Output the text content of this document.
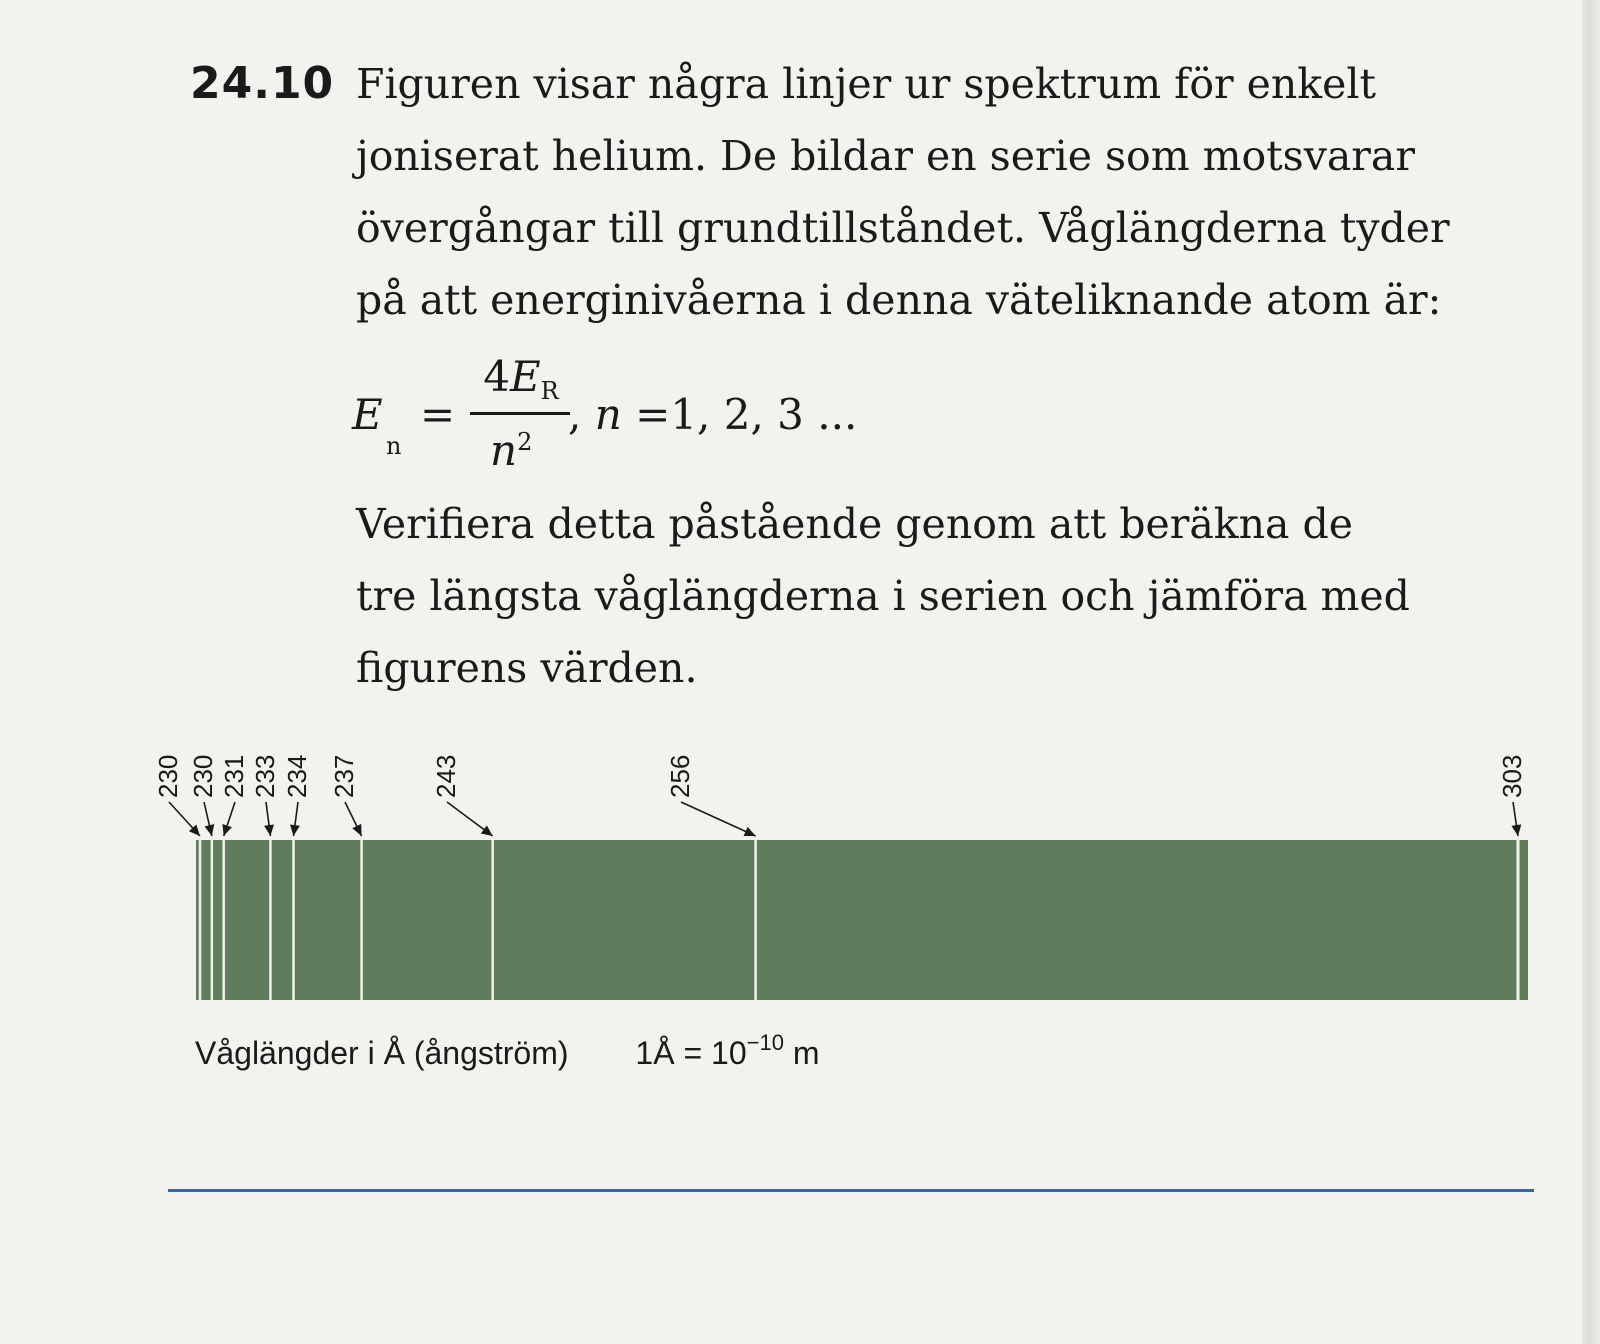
24.10 Figuren visar några linjer ur spektrum för enkelt
joniserat helium. De bildar en serie som motsvarar
övergångar till grundtillståndet. Våglängderna tyder
på att energinivåerna i denna väteliknande atom är:
E
n
=
4ER
$n^2$
, n =1, 2, 3 ...
Verifiera detta påstående genom att beräkna de
tre längsta våglängderna i serien och jämföra med
figurens värden.
230 230 231 233 234 237	243	256	303
Våglängder i Å (ångström) 1Å = $10^{-10}$ m
